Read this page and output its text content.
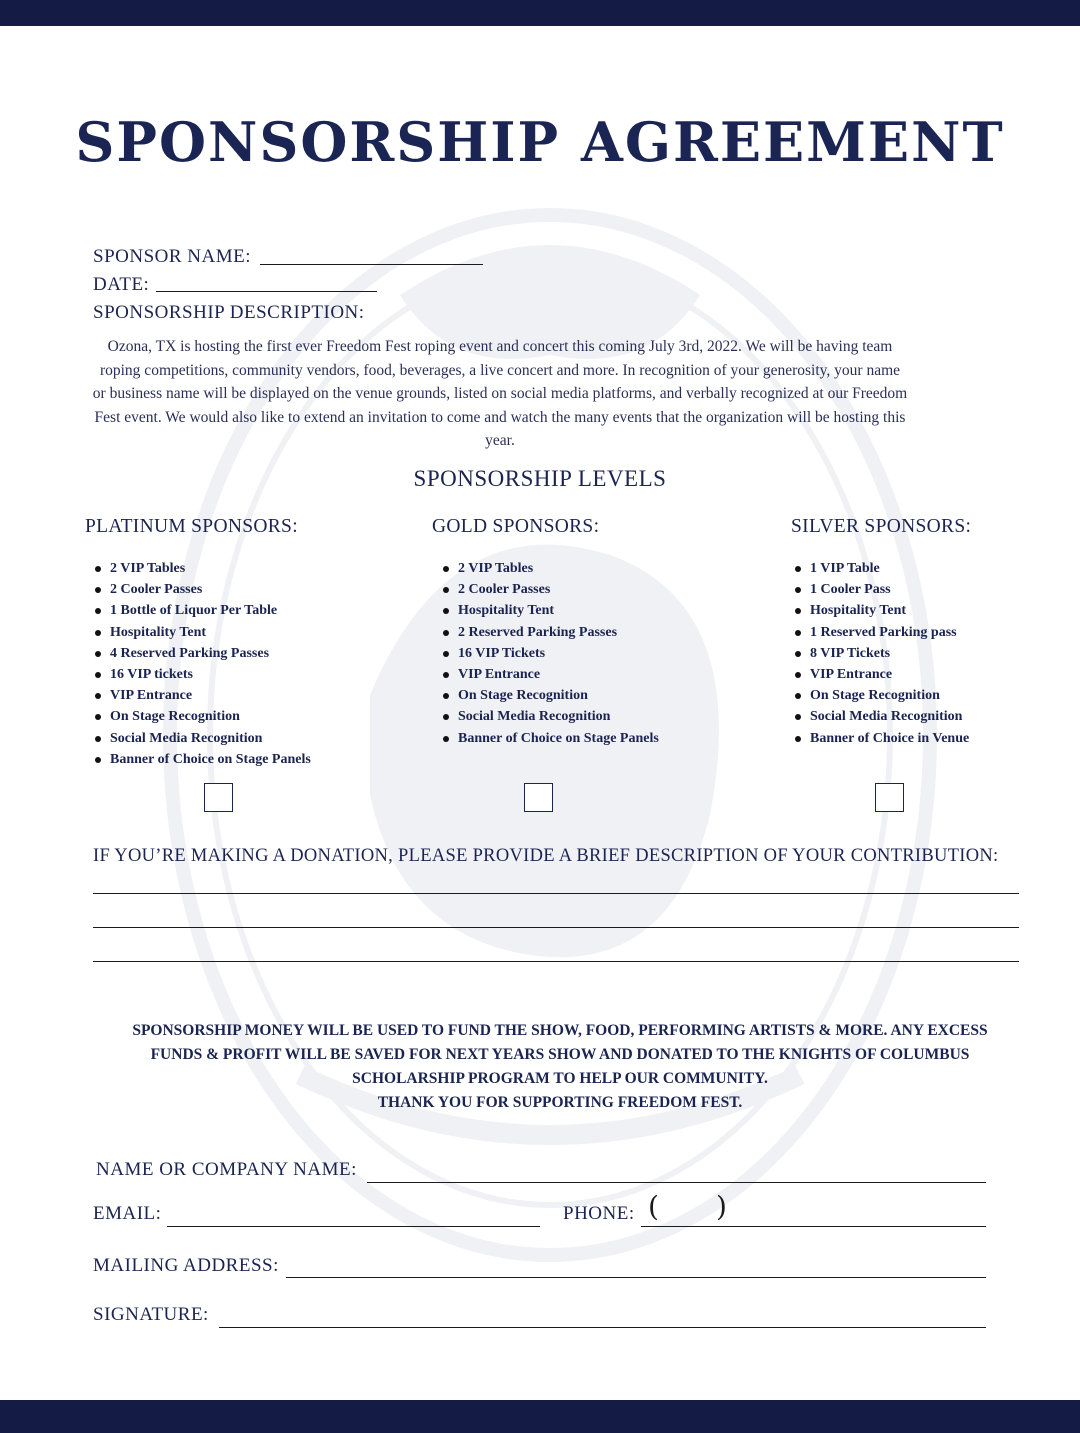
SPONSORSHIP AGREEMENT
SPONSOR NAME:
DATE:
SPONSORSHIP DESCRIPTION:
Ozona, TX is hosting the first ever Freedom Fest roping event and concert this coming July 3rd, 2022. We will be having team roping competitions, community vendors, food, beverages, a live concert and more. In recognition of your generosity, your name or business name will be displayed on the venue grounds, listed on social media platforms, and verbally recognized at our Freedom Fest event. We would also like to extend an invitation to come and watch the many events that the organization will be hosting this year.
SPONSORSHIP LEVELS
PLATINUM SPONSORS:
2 VIP Tables
2 Cooler Passes
1 Bottle of Liquor Per Table
Hospitality Tent
4 Reserved Parking Passes
16 VIP tickets
VIP Entrance
On Stage Recognition
Social Media Recognition
Banner of Choice on Stage Panels
GOLD SPONSORS:
2 VIP Tables
2 Cooler Passes
Hospitality Tent
2 Reserved Parking Passes
16 VIP Tickets
VIP Entrance
On Stage Recognition
Social Media Recognition
Banner of Choice on Stage Panels
SILVER SPONSORS:
1 VIP Table
1 Cooler Pass
Hospitality Tent
1 Reserved Parking pass
8 VIP Tickets
VIP Entrance
On Stage Recognition
Social Media Recognition
Banner of Choice in Venue
IF YOU’RE MAKING A DONATION, PLEASE PROVIDE A BRIEF DESCRIPTION OF YOUR CONTRIBUTION:
SPONSORSHIP MONEY WILL BE USED TO FUND THE SHOW, FOOD, PERFORMING ARTISTS & MORE. ANY EXCESS
FUNDS & PROFIT WILL BE SAVED FOR NEXT YEARS SHOW AND DONATED TO THE KNIGHTS OF COLUMBUS
SCHOLARSHIP PROGRAM TO HELP OUR COMMUNITY.
THANK YOU FOR SUPPORTING FREEDOM FEST.
NAME OR COMPANY NAME:
EMAIL:	PHONE: ( )
MAILING ADDRESS:
SIGNATURE:
